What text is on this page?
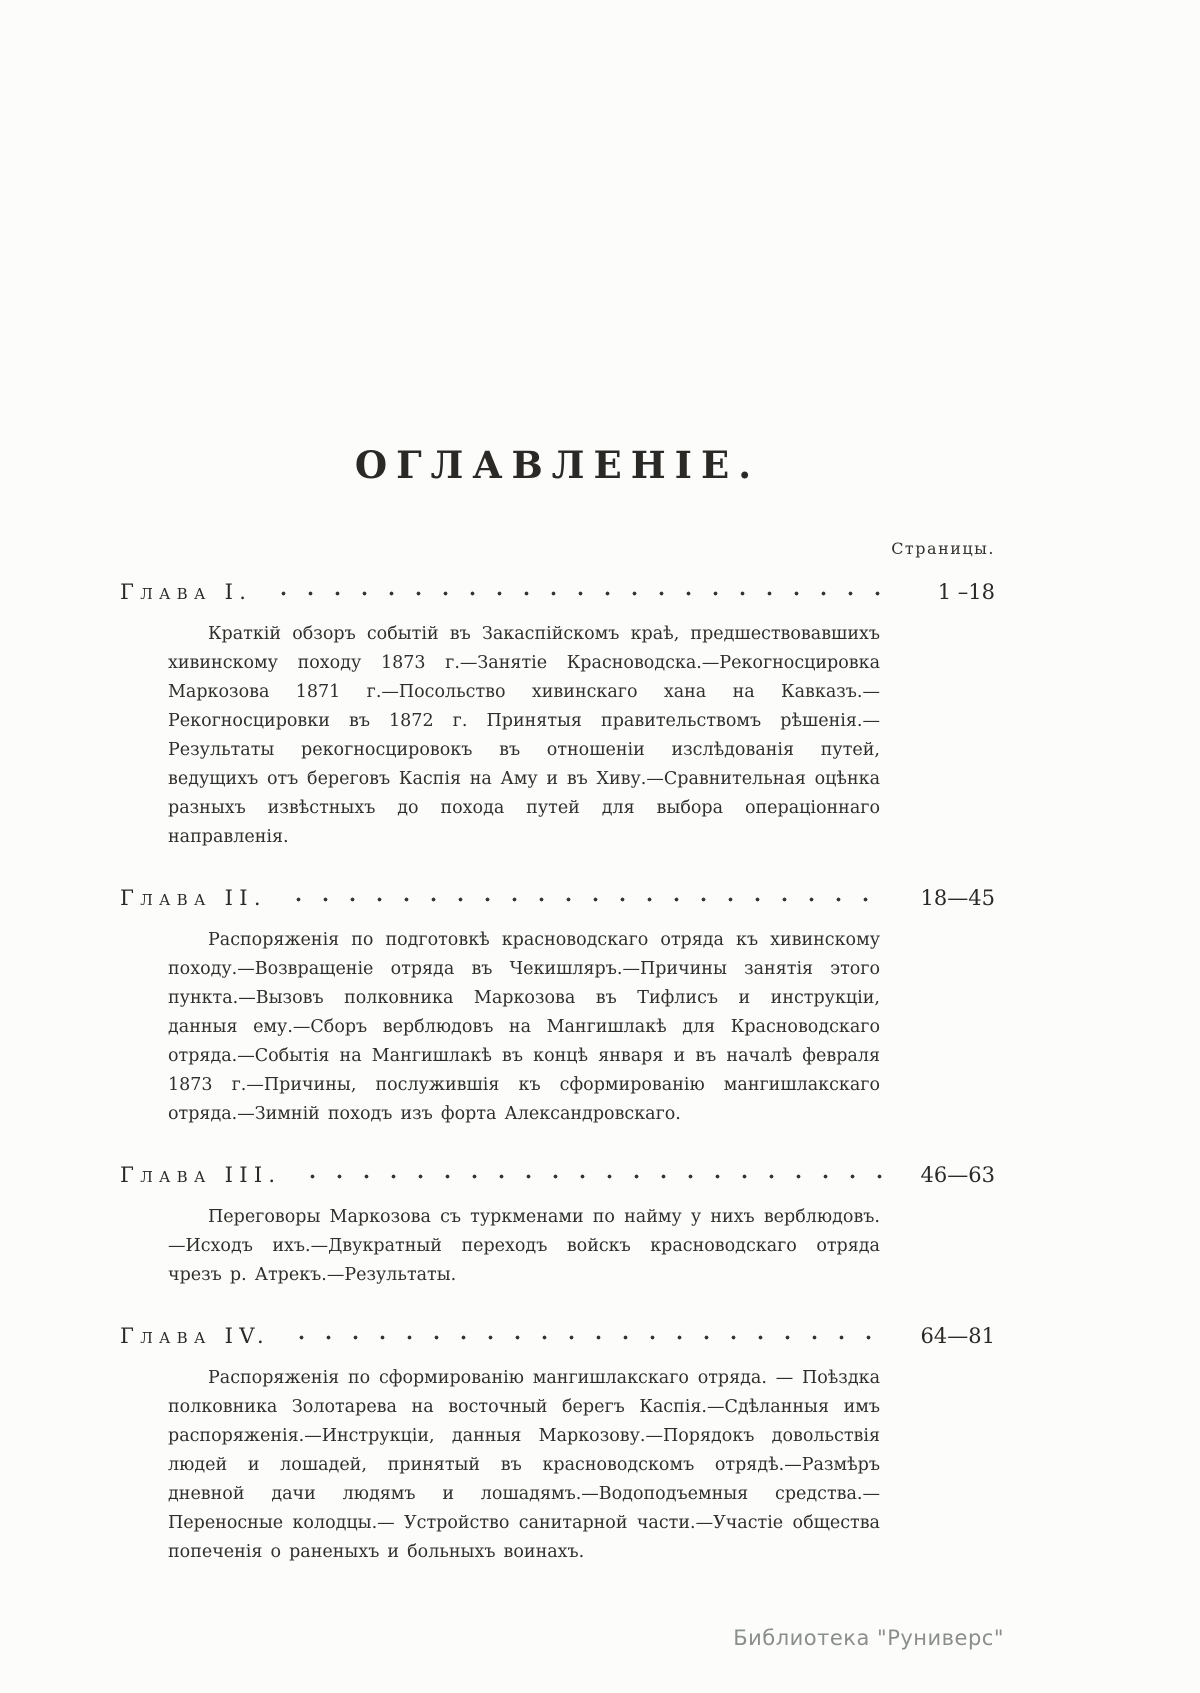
ОГЛАВЛЕНІЕ.
Страницы.
Глава I.	1 –18

Краткій обзоръ событій въ Закаспійскомъ краѣ, предшествовавшихъ хивинскому походу 1873 г.—Занятіе Красноводска.—Рекогносцировка Маркозова 1871 г.—Посольство хивинскаго хана на Кавказъ.— Рекогносцировки въ 1872 г. Принятыя правительствомъ рѣшенія.—Результаты рекогносцировокъ въ отношеніи изслѣдованія путей, ведущихъ отъ береговъ Каспія на Аму и въ Хиву.—Сравнительная оцѣнка разныхъ извѣстныхъ до похода путей для выбора операціоннаго направленія.

Глава II.	18—45

Распоряженія по подготовкѣ красноводскаго отряда къ хивинскому походу.—Возвращеніе отряда въ Чекишляръ.—Причины занятія этого пункта.—Вызовъ полковника Маркозова въ Тифлисъ и инструкціи, данныя ему.—Сборъ верблюдовъ на Мангишлакѣ для Красноводскаго отряда.—Событія на Мангишлакѣ въ концѣ января и въ началѣ февраля 1873 г.—Причины, послужившія къ сформированію мангишлакскаго отряда.—Зимній походъ изъ форта Александровскаго.

Глава III.	46—63

Переговоры Маркозова съ туркменами по найму у нихъ верблюдовъ.—Исходъ ихъ.—Двукратный переходъ войскъ красноводскаго отряда чрезъ р. Атрекъ.—Результаты.

Глава IV.	64—81

Распоряженія по сформированію мангишлакскаго отряда. — Поѣздка полковника Золотарева на восточный берегъ Каспія.—Сдѣланныя имъ распоряженія.—Инструкціи, данныя Маркозову.—Порядокъ довольствія людей и лошадей, принятый въ красноводскомъ отрядѣ.—Размѣръ дневной дачи людямъ и лошадямъ.—Водоподъемныя средства.—Переносные колодцы.— Устройство санитарной части.—Участіе общества попеченія о раненыхъ и больныхъ воинахъ.

Библиотека "Руниверс"
